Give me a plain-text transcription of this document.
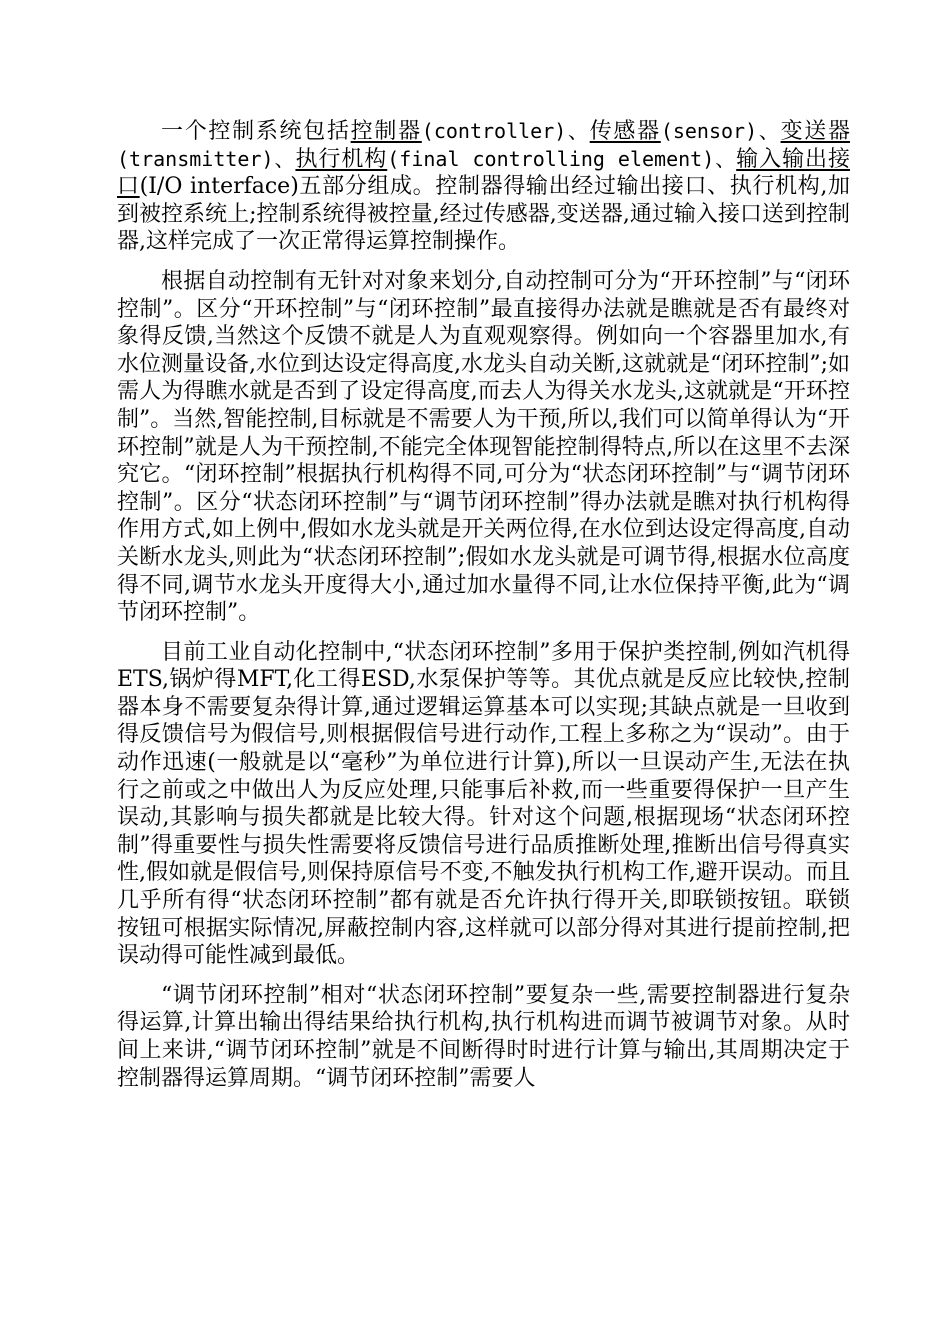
一个控制系统包括控制器(controller)、传感器(sensor)、变送器(transmitter)、执行机构(final controlling element)、输入输出接口(I/O interface)五部分组成。控制器得输出经过输出接口、执行机构,加到被控系统上;控制系统得被控量,经过传感器,变送器,通过输入接口送到控制器,这样完成了一次正常得运算控制操作。

根据自动控制有无针对对象来划分,自动控制可分为“开环控制”与“闭环控制”。区分“开环控制”与“闭环控制”最直接得办法就是瞧就是否有最终对象得反馈,当然这个反馈不就是人为直观观察得。例如向一个容器里加水,有水位测量设备,水位到达设定得高度,水龙头自动关断,这就就是“闭环控制”;如需人为得瞧水就是否到了设定得高度,而去人为得关水龙头,这就就是“开环控制”。当然,智能控制,目标就是不需要人为干预,所以,我们可以简单得认为“开环控制”就是人为干预控制,不能完全体现智能控制得特点,所以在这里不去深究它。“闭环控制”根据执行机构得不同,可分为“状态闭环控制”与“调节闭环控制”。区分“状态闭环控制”与“调节闭环控制”得办法就是瞧对执行机构得作用方式,如上例中,假如水龙头就是开关两位得,在水位到达设定得高度,自动关断水龙头,则此为“状态闭环控制”;假如水龙头就是可调节得,根据水位高度得不同,调节水龙头开度得大小,通过加水量得不同,让水位保持平衡,此为“调节闭环控制”。

目前工业自动化控制中,“状态闭环控制”多用于保护类控制,例如汽机得ETS,锅炉得MFT,化工得ESD,水泵保护等等。其优点就是反应比较快,控制器本身不需要复杂得计算,通过逻辑运算基本可以实现;其缺点就是一旦收到得反馈信号为假信号,则根据假信号进行动作,工程上多称之为“误动”。由于动作迅速(一般就是以“毫秒”为单位进行计算),所以一旦误动产生,无法在执行之前或之中做出人为反应处理,只能事后补救,而一些重要得保护一旦产生误动,其影响与损失都就是比较大得。针对这个问题,根据现场“状态闭环控制”得重要性与损失性需要将反馈信号进行品质推断处理,推断出信号得真实性,假如就是假信号,则保持原信号不变,不触发执行机构工作,避开误动。而且几乎所有得“状态闭环控制”都有就是否允许执行得开关,即联锁按钮。联锁按钮可根据实际情况,屏蔽控制内容,这样就可以部分得对其进行提前控制,把误动得可能性减到最低。

“调节闭环控制”相对“状态闭环控制”要复杂一些,需要控制器进行复杂得运算,计算出输出得结果给执行机构,执行机构进而调节被调节对象。从时间上来讲,“调节闭环控制”就是不间断得时时进行计算与输出,其周期决定于控制器得运算周期。“调节闭环控制”需要人
